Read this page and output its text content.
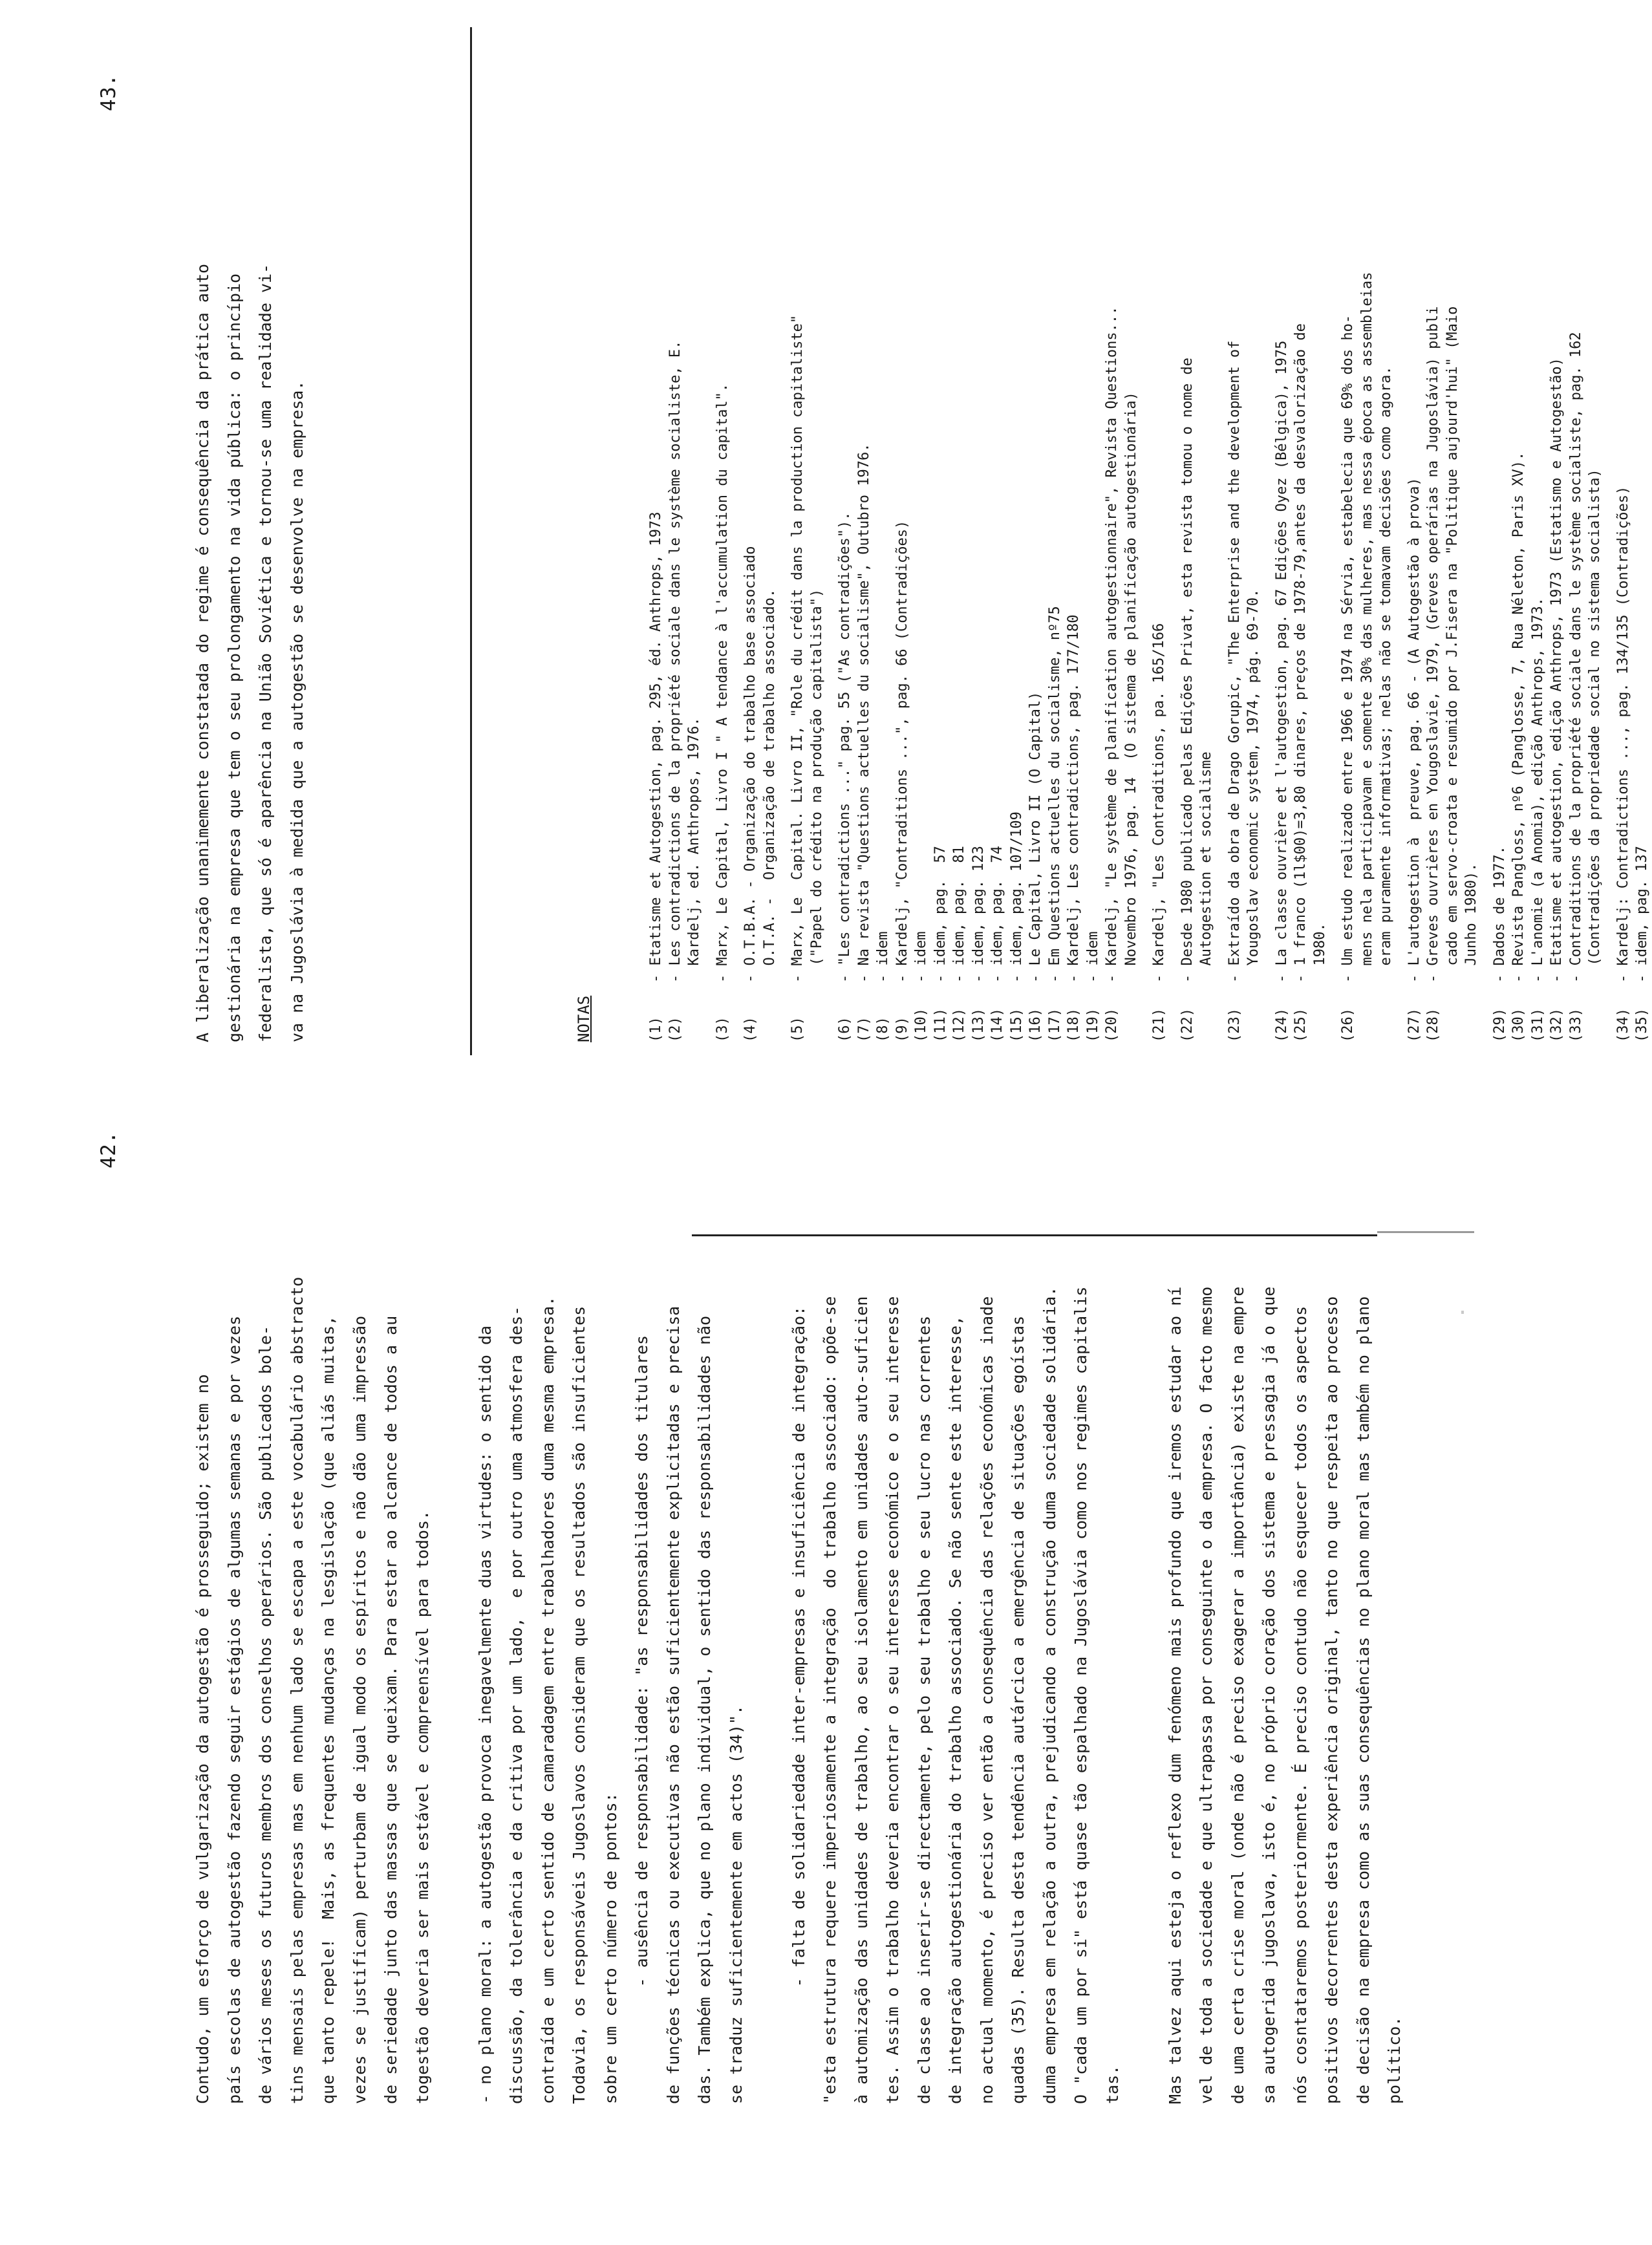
42.
43.
Contudo, um esforço de vulgarização da autogestão é prosseguido; existem no país escolas de autogestão fazendo seguir estágios de algumas semanas e por vezes de vários meses os futuros membros dos conselhos operários. São publicados bole- tins mensais pelas empresas mas em nenhum lado se escapa a este vocabulário abstracto que tanto repele!  Mais, as frequentes mudanças na lesgislação (que aliás muitas, vezes se justificam) perturbam de igual modo os espíritos e não dão uma impressão de seriedade junto das massas que se queixam. Para estar ao alcance de todos a au togestão deveria ser mais estável e compreensível para todos.	- no plano moral: a autogestão provoca inegavelmente duas virtudes: o sentido da discussão, da tolerância e da critiva por um lado,  e por outro uma atmosfera des- contraída e um certo sentido de camaradagem entre trabalhadores duma mesma empresa. Todavia, os responsáveis Jugoslavos consideram que os resultados são insuficientes sobre um certo número de pontos: - ausência de responsabilidade: "as responsabilidades dos titulares de funções técnicas ou executivas não estão suficientemente explicitadas e precisa das. Também explica, que no plano individual, o sentido das responsabilidades não se traduz suficientemente em actos (34)".	- falta de solidariedade inter-empresas e insuficiência de integração: "esta estrutura requere imperiosamente a integração  do trabalho associado: opõe-se à automização das unidades de trabalho, ao seu isolamento em unidades auto-suficien tes. Assim o trabalho deveria encontrar o seu interesse económico e o seu interesse de classe ao inserir-se directamente, pelo seu trabalho e seu lucro nas correntes de integração autogestionária do trabalho associado. Se não sente este interesse, no actual momento, é preciso ver então a consequência das relações económicas inade quadas (35). Resulta desta tendência autárcica a emergência de situações egoístas duma empresa em relação a outra, prejudicando a construção duma sociedade solidária. O "cada um por si" está quase tão espalhado na Jugoslávia como nos regimes capitalis tas.	Mas talvez aqui esteja o reflexo dum fenómeno mais profundo que iremos estudar ao ní vel de toda a sociedade e que ultrapassa por conseguinte o da empresa. O facto mesmo de uma certa crise moral (onde não é preciso exagerar a importância) existe na empre sa autogerida jugoslava, isto é, no próprio coração dos sistema e pressagia já o que nós cosntataremos posteriormente. É preciso contudo não esquecer todos os aspectos positivos decorrentes desta experiência original, tanto no que respeita ao processo de decisão na empresa como as suas consequências no plano moral mas também no plano político.
A liberalização unanimemente constatada do regime é consequência da prática auto gestionária na empresa que tem o seu prolongamento na vida pública: o princípio federalista, que só é aparência na União Soviética e tornou-se uma realidade vi- va na Jugoslávia à medida que a autogestão se desenvolve na empresa.

	NOTAS

	(1)
- Etatisme et Autogestion, pag. 295, éd. Anthrops, 1973
(2)
- Les contradictions de la propriété sociale dans le système socialiste, E.
Kardelj, ed. Anthropos, 1976.
(3)
- Marx, Le Capital, Livro I " A tendance à l'accumulation du capital".
(4)
- O.T.B.A. - Organização do trabalho base associado
O.T.A. -  Organização de trabalho associado.
(5)
- Marx, Le  Capital. Livro II, "Role du crédit dans la production capitaliste"
("Papel do crédito na produção capitalista")
(6)
- "Les contradictions ..." pag. 55 ("As contradições").
(7)
- Na revista "Questions actuelles du socialisme", Outubro 1976.
(8)
- idem
(9)
- Kardelj, "Contraditions ...", pag. 66 (Contradições)
(10)
- idem
(11)
- idem, pag.  57
(12)
- idem, pag.  81
(13)
- idem, pag. 123
(14)
- idem, pag.  74
(15)
- idem, pag. 107/109
(16)
- Le Capital, Livro II (O Capital)
(17)
- Em Questions actuelles du socialisme, nº75
(18)
- Kardelj, Les contradictions, pag. 177/180
(19)
- idem
(20)
- Kardelj, "Le système de planification autogestionnaire", Revista Questions...
Novembro 1976, pag. 14  (O sistema de planificação autogestionária)
(21)
- Kardelj, "Les Contraditions, pa. 165/166
(22)
- Desde 1980 publicado pelas Edições Privat, esta revista tomou o nome de
Autogestion et socialisme
(23)
- Extraído da obra de Drago Gorupic, "The Enterprise and the development of
Yougoslav economic system, 1974, pág. 69-70.
(24)
- La classe ouvrière et l'autogestion, pag. 67 Edições Oyez (Bélgica), 1975
(25)
- 1 franco (1l$00)=3,80 dinares, preços de 1978-79,antes da desvalorização de
1980.
(26)
- Um estudo realizado entre 1966 e 1974 na Sérvia, estabelecia que 69% dos ho-
mens nela participavam e somente 30% das mulheres, mas nessa época as assembleias
eram puramente informativas; nelas não se tomavam decisões como agora.
(27)
- L'autogestion à  preuve, pag. 66 - (A Autogestão à prova)
(28)
- Greves ouvrières en Yougoslavie, 1979, (Greves operárias na Jugoslávia) publi
cado em servo-croata e resumido por J.Fisera na "Politique aujourd'hui" (Maio
Junho 1980).
(29)
- Dados de 1977.
(30)
- Revista Pangloss, nº6 (Panglosse, 7, Rua Néleton, Paris XV).
(31)
- L'anomie (a Anomia), edição Anthrops, 1973.
(32)
- Etatisme et autogestion, edição Anthrops, 1973 (Estatismo e Autogestão)
(33)
- Contraditions de la propriété sociale dans le système socialiste, pag. 162
(Contradições da propriedade social no sistema socialista)
(34)
- Kardelj: Contradictions ..., pag. 134/135 (Contradições)
(35)
- idem, pag. 137
